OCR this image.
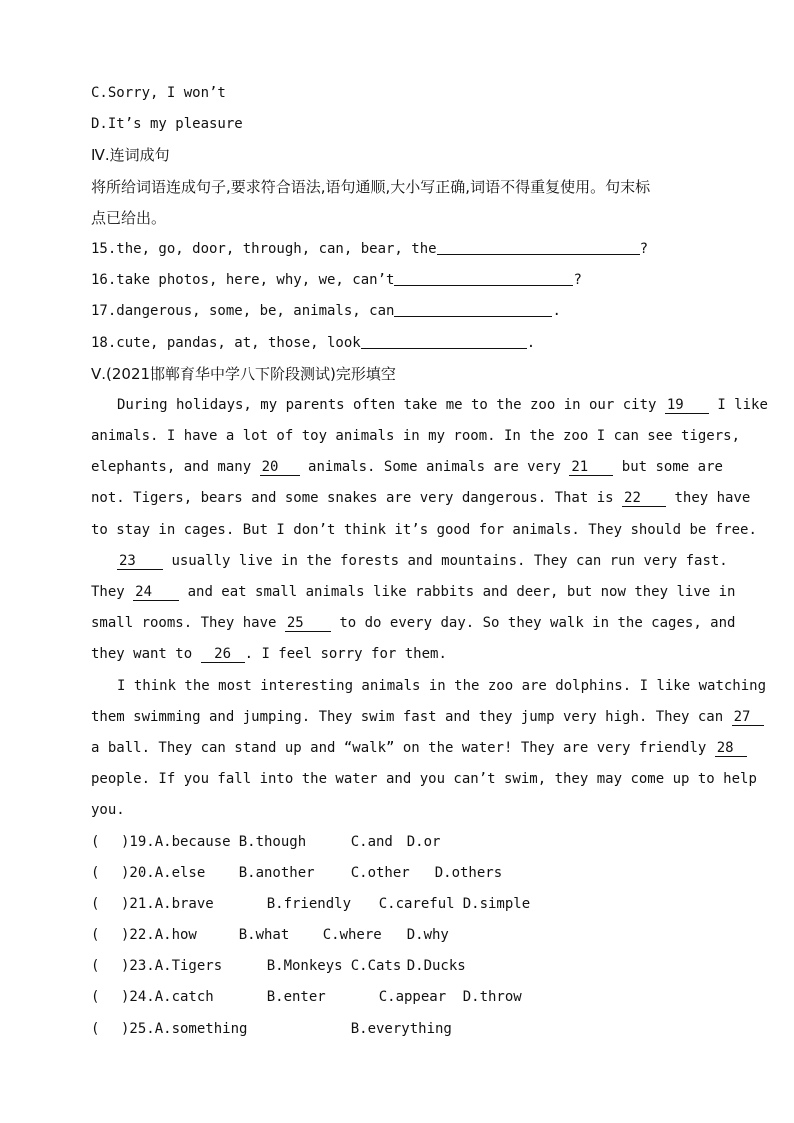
C.Sorry, I won’t
D.It’s my pleasure
Ⅳ.连词成句
将所给词语连成句子,要求符合语法,语句通顺,大小写正确,词语不得重复使用。句末标
点已给出。
15.the, go, door, through, can, bear, the	?
16.take photos, here, why, we, can’t	?
17.dangerous, some, be, animals, can	.
18.cute, pandas, at, those, look	.
Ⅴ.(2021邯郸育华中学八下阶段测试)完形填空
During holidays, my parents often take me to the zoo in our city 19 I like
animals. I have a lot of toy animals in my room. In the zoo I can see tigers,
elephants, and many 20 animals. Some animals are very 21 but some are
not. Tigers, bears and some snakes are very dangerous. That is 22 they have
to stay in cages. But I don’t think it’s good for animals. They should be free.
23	usually live in the forests and mountains. They can run very fast.
They 24	and eat small animals like rabbits and deer, but now they live in
small rooms. They have 25	to do every day. So they walk in the cages, and
they want to 26 . I feel sorry for them.
I think the most interesting animals in the zoo are dolphins. I like watching
them swimming and jumping. They swim fast and they jump very high. They can 27
a ball. They can stand up and “walk” on the water! They are very friendly 28
people. If you fall into the water and you can’t swim, they may come up to help
you.
( )19.A.because B.though	C.and D.or
( )20.A.else B.another	C.other D.others
( )21.A.brave	B.friendly C.careful D.simple
( )22.A.how	B.what C.where D.why
( )23.A.Tigers	B.Monkeys C.Cats D.Ducks
( )24.A.catch	B.enter	C.appear D.throw
( )25.A.something	B.everything
